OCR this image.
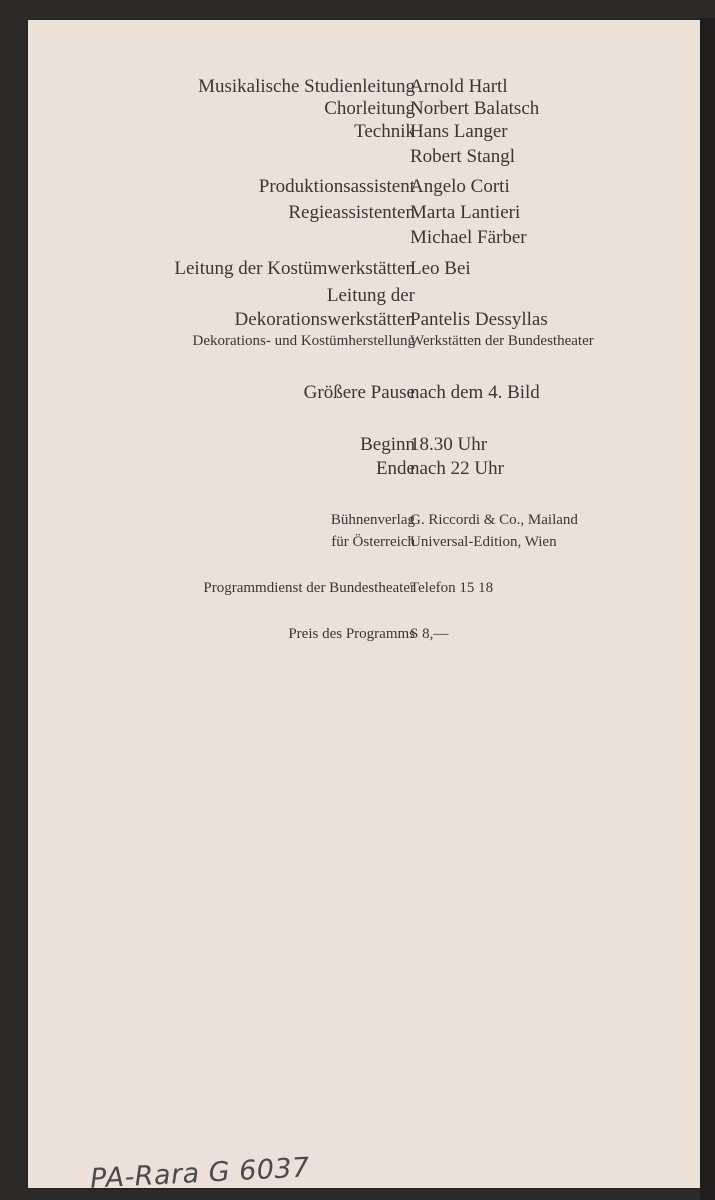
Musikalische Studienleitung
Arnold Hartl
Chorleitung
Norbert Balatsch
Technik
Hans Langer
Robert Stangl
Produktionsassistent
Angelo Corti
Regieassistenten
Marta Lantieri
Michael Färber
Leitung der Kostümwerkstätten
Leo Bei
Leitung der
Dekorationswerkstätten
Pantelis Dessyllas
Dekorations- und Kostümherstellung
Werkstätten der Bundestheater
Größere Pause
nach dem 4. Bild
Beginn
18.30 Uhr
Ende
nach 22 Uhr
Bühnenverlag
G. Riccordi & Co., Mailand
für Österreich
Universal-Edition, Wien
Programmdienst der Bundestheater
Telefon 15 18
Preis des Programms
S 8,—
PA-Rara G 6037
